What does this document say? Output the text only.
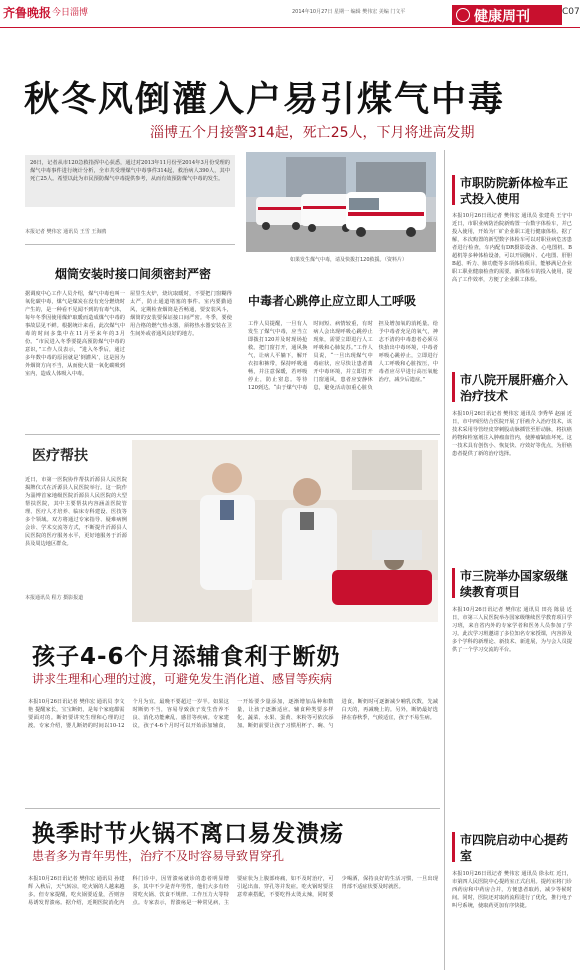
齐鲁晚报 今日淄博	2014年10月27日 星期一 编辑 樊伟宏 美编 门文平	健康周刊	C07
秋冬风倒灌入户易引煤气中毒
淄博五个月接警314起，死亡25人，下月将进高发期
26日，记者从市120急救指挥中心获悉，通过对2013年11月份至2014年3月份受理的煤气中毒事件进行统计分析，全市共受理煤气中毒事件314起，救治病人390人，其中死亡25人。希望以此为市民预防煤气中毒提供参考，从而有效预防煤气中毒的发生。
本报记者 樊伟宏 通讯员 王雪 王海鸥
如果发生煤气中毒，请及快拨打120救援。（资料片）
烟筒安装时接口间须密封严密
据调度中心工作人员介绍，煤气中毒也叫一氧化碳中毒，煤气是煤炭在没有充分燃烧时产生的，是一种看不见闻不到的有毒气体，每年冬季因使用煤炉取暖而造成煤气中毒的事故层见不鲜。根据统计来看，此次煤气中毒的时间多集中在11月至来年的3月份。“市民进入冬季要提高预防煤气中毒的意识，”工作人员表示，“进入冬季后，通过多年数中毒的原因就是‘倒灌风’，这是因为外烟筒方向不当，从而使大量一氧化碳吸到室内，造成人体吸入中毒。
屋里生火炉，烧坑取暖时，不要把门窗糊得太严，防止通道堵塞的事件。室内要勤通风，定期检查烟筒是否畅通，要安装风斗，烟筒的安装要保证接口间严密。冬季，要使用合格的燃气热水器，须将热水器安装在卫生间外或者通风良好的地方。
中毒者心跳停止应立即人工呼吸
工作人员提醒，一旦有人发生了煤气中毒，应当立即拨打120并及时现场抢救。把门窗打开，通风换气，让病人平躺下，解开衣扣和裤带，保持呼吸通畅，并注意保暖，若呼吸停止，防止窒息。等待120到达。“由于煤气中毒时间短、病情较重，有时病人会出现呼吸心跳停止现象，需要立即进行人工呼吸和心肺复苏。”工作人员说，“一旦出现煤气中毒症状，应尽快让患者离开中毒环境，并立即打开门窗通风，患者应安静休息，避免活动加重心脏负担及增加氧的消耗量。给予中毒者充足的氧气，神志不清的中毒患者必须尽快抬出中毒环境，中毒者呼吸心跳停止，立即进行人工呼吸和心脏按压，中毒者应尽早进行高压氧舱治疗，减少后遗症。”
医疗帮扶
近日，市第一医院协作帮扶沂源县人民医院揭牌仪式在沂源县人民医院举行。这一院作为淄博首家地级医院沂源县人民医院的大型帮扶医院，其中主要帮扶内容涵盖医院管理、医疗人才培养、临床专科建设、医技等多个领域。双方将通过专家指导、疑难病例会诊、学术交流等方式，不断提升沂源县人民医院的医疗服务水平，更好地服务于沂源县及周边地区群众。
本报通讯员 程方 摄影报道
孩子4-6个月添辅食利于断奶
讲求生理和心理的过渡，可避免发生消化道、感冒等疾病
本报10月26日讯记者 樊伟宏 通讯员 李文艳 提醒家长，宝宝断奶，是每个家庭都需要面对的。断奶要讲究生理和心理的过渡。专家介绍，婴儿断奶的时间以10-12个月为宜，最晚不要超过一岁半。如果这时断奶不当，容易导致孩子发生营养不良、消化功能紊乱、感冒等疾病。专家建议，孩子4-6个月时可以开始添加辅食，一开始要少量添加，逐渐增加品种和数量，让孩子逐渐适应。辅食种类要多样化，蔬菜、水果、蛋黄、米粉等可依次添加。断奶前要让孩子习惯用杯子、碗、勺进食，断奶时可逐渐减少哺乳次数，先减白天的，再减晚上的。另外，断奶最好选择在春秋季，气候适宜，孩子不易生病。
换季时节火锅不离口易发溃疡
患者多为青年男性，治疗不及时容易导致胃穿孔
本报10月26日讯记者 樊伟宏 通讯员 孙建辉 入秋后，天气转凉，吃火锅的人越来越多。但专家提醒，吃火锅要适量，否则容易诱发胃溃疡。据介绍，近期医院消化内科门诊中，因胃溃疡就诊的患者明显增多，其中不少是青年男性，他们大多有经常吃火锅、饮食不规律、工作压力大等特点。专家表示，胃溃疡是一种常见病，主要症状为上腹部疼痛，如不及时治疗，可引起出血、穿孔等并发症。吃火锅时要注意荤素搭配，不要吃得太烫太辣，同时要少喝酒，保持良好的生活习惯，一旦出现胃部不适症状要及时就医。
市职防院新体检车正式投入使用
本报10月26日讯记者 樊伟宏 通讯员 张建英 王守中 近日，市职业病防治院新购置一台数字体检车，并已投入使用，开始为厂矿企业职工进行健康体检。据了解，本次购置的新型数字体检车可以对职业病危害患者进行检查，车内配有DR摄影设备、心电图机、B超机等多种体检设备，可以开展胸片、心电图、肝胆B超、听力、肺功能等多项体检项目，能够满足企业职工职业健康检查的需要。新体检车的投入使用，提高了工作效率，方便了企业职工体检。
市八院开展肝癌介入治疗技术
本报10月26日讯记者 樊伟宏 通讯员 李秀华 赵丽 近日，市中西医结合医院开展了肝癌介入治疗技术，该技术采用导管经皮穿刺股动脉插管至肝动脉，将抗癌药物和栓塞剂注入肿瘤血管内，使肿瘤缺血坏死。这一技术具有创伤小、恢复快、疗效好等优点，为肝癌患者提供了新的治疗选择。
市三院举办国家级继续教育项目
本报10月26日讯记者 樊伟宏 通讯员 田亮 陈晨 近日，市第三人民医院举办国家级继续医学教育项目学习班，来自省内外的专家学者和医务人员参加了学习。此次学习班邀请了多位知名专家授课，内容涉及多个学科的新理论、新技术、新进展，为与会人员提供了一个学习交流的平台。
市四院启动中心提药室
本报10月26日讯记者 樊伟宏 通讯员 徐永红 近日，市第四人民医院中心提药室正式启用。提药室将门诊西药房和中药房合并，方便患者取药，减少等候时间。同时，医院还对取药流程进行了优化，推行电子叫号系统，使取药更加有序快捷。
